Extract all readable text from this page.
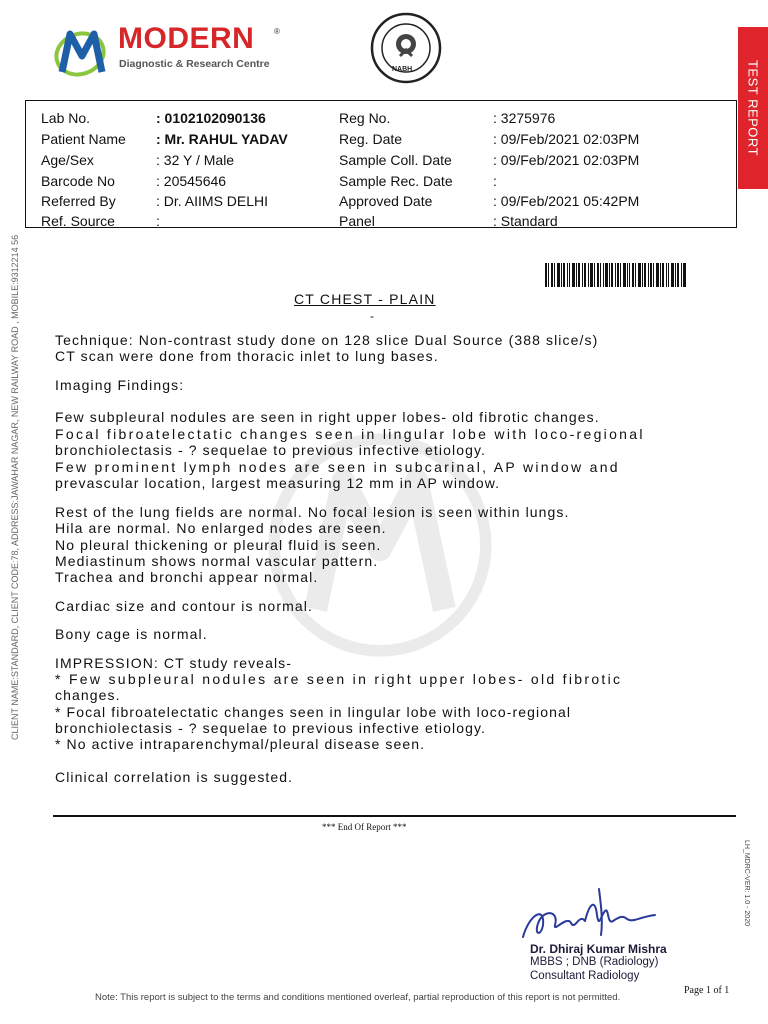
MODERN ®
Diagnostic & Research Centre	NABH	TEST REPORT
CLIENT NAME:STANDARD, CLIENT CODE:78, ADDRESS:JAWAHAR NAGAR, NEW RAILWAY ROAD , MOBILE:9312214 56
Lab No.	: 0102102090136	Reg No.	: 3275976
Patient Name : Mr. RAHUL YADAV	Reg. Date	: 09/Feb/2021 02:03PM
Age/Sex	: 32 Y / Male	Sample Coll. Date	: 09/Feb/2021 02:03PM
Barcode No	: 20545646	Sample Rec. Date	:
Referred By	: Dr. AIIMS DELHI	Approved Date	: 09/Feb/2021 05:42PM
Ref. Source	:	Panel	: Standard
CT CHEST - PLAIN
-
Technique: Non-contrast study done on 128 slice Dual Source (388 slice/s)
CT scan were done from thoracic inlet to lung bases.
Imaging Findings:
Few subpleural nodules are seen in right upper lobes- old fibrotic changes.
Focal fibroatelectatic changes seen in lingular lobe with loco-regional
bronchiolectasis - ? sequelae to previous infective etiology.
Few prominent lymph nodes are seen in subcarinal, AP window and
prevascular location, largest measuring 12 mm in AP window.
Rest of the lung fields are normal. No focal lesion is seen within lungs.
Hila are normal. No enlarged nodes are seen.
No pleural thickening or pleural fluid is seen.
Mediastinum shows normal vascular pattern.
Trachea and bronchi appear normal.
Cardiac size and contour is normal.
Bony cage is normal.
IMPRESSION: CT study reveals-
* Few subpleural nodules are seen in right upper lobes- old fibrotic
changes.
* Focal fibroatelectatic changes seen in lingular lobe with loco-regional
bronchiolectasis - ? sequelae to previous infective etiology.
* No active intraparenchymal/pleural disease seen.
Clinical correlation is suggested.
*** End Of Report ***
LH_MDRC-VER: 1.0 - 2020
Dr. Dhiraj Kumar Mishra
MBBS ; DNB (Radiology)
Consultant Radiology
Page 1 of 1
Note: This report is subject to the terms and conditions mentioned overleaf, partial reproduction of this report is not permitted.
